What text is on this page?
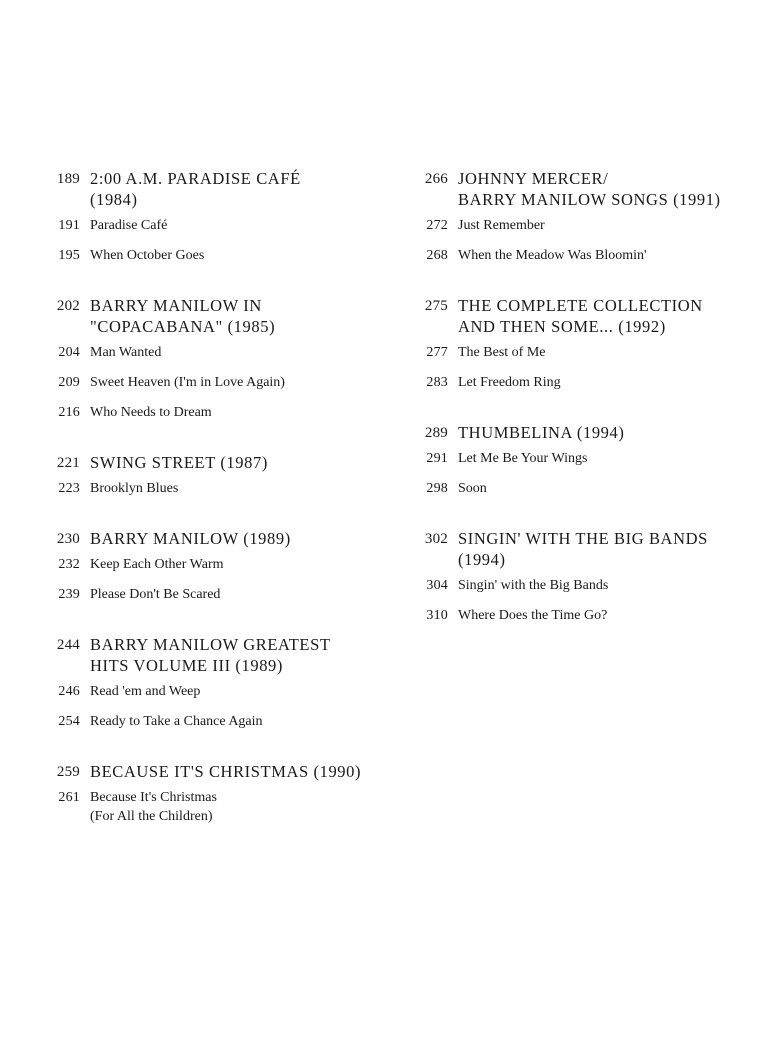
189 2:00 A.M. PARADISE CAFÉ
(1984)
191 Paradise Café
195 When October Goes
202 BARRY MANILOW IN
"COPACABANA" (1985)
204 Man Wanted
209 Sweet Heaven (I'm in Love Again)
216 Who Needs to Dream
221 SWING STREET (1987)
223 Brooklyn Blues
230 BARRY MANILOW (1989)
232 Keep Each Other Warm
239 Please Don't Be Scared
244 BARRY MANILOW GREATEST
HITS VOLUME III (1989)
246 Read 'em and Weep
254 Ready to Take a Chance Again
259 BECAUSE IT'S CHRISTMAS (1990)
261 Because It's Christmas
(For All the Children)
266 JOHNNY MERCER/
BARRY MANILOW SONGS (1991)
272 Just Remember
268 When the Meadow Was Bloomin'
275 THE COMPLETE COLLECTION
AND THEN SOME... (1992)
277 The Best of Me
283 Let Freedom Ring
289 THUMBELINA (1994)
291 Let Me Be Your Wings
298 Soon
302 SINGIN' WITH THE BIG BANDS
(1994)
304 Singin' with the Big Bands
310 Where Does the Time Go?
